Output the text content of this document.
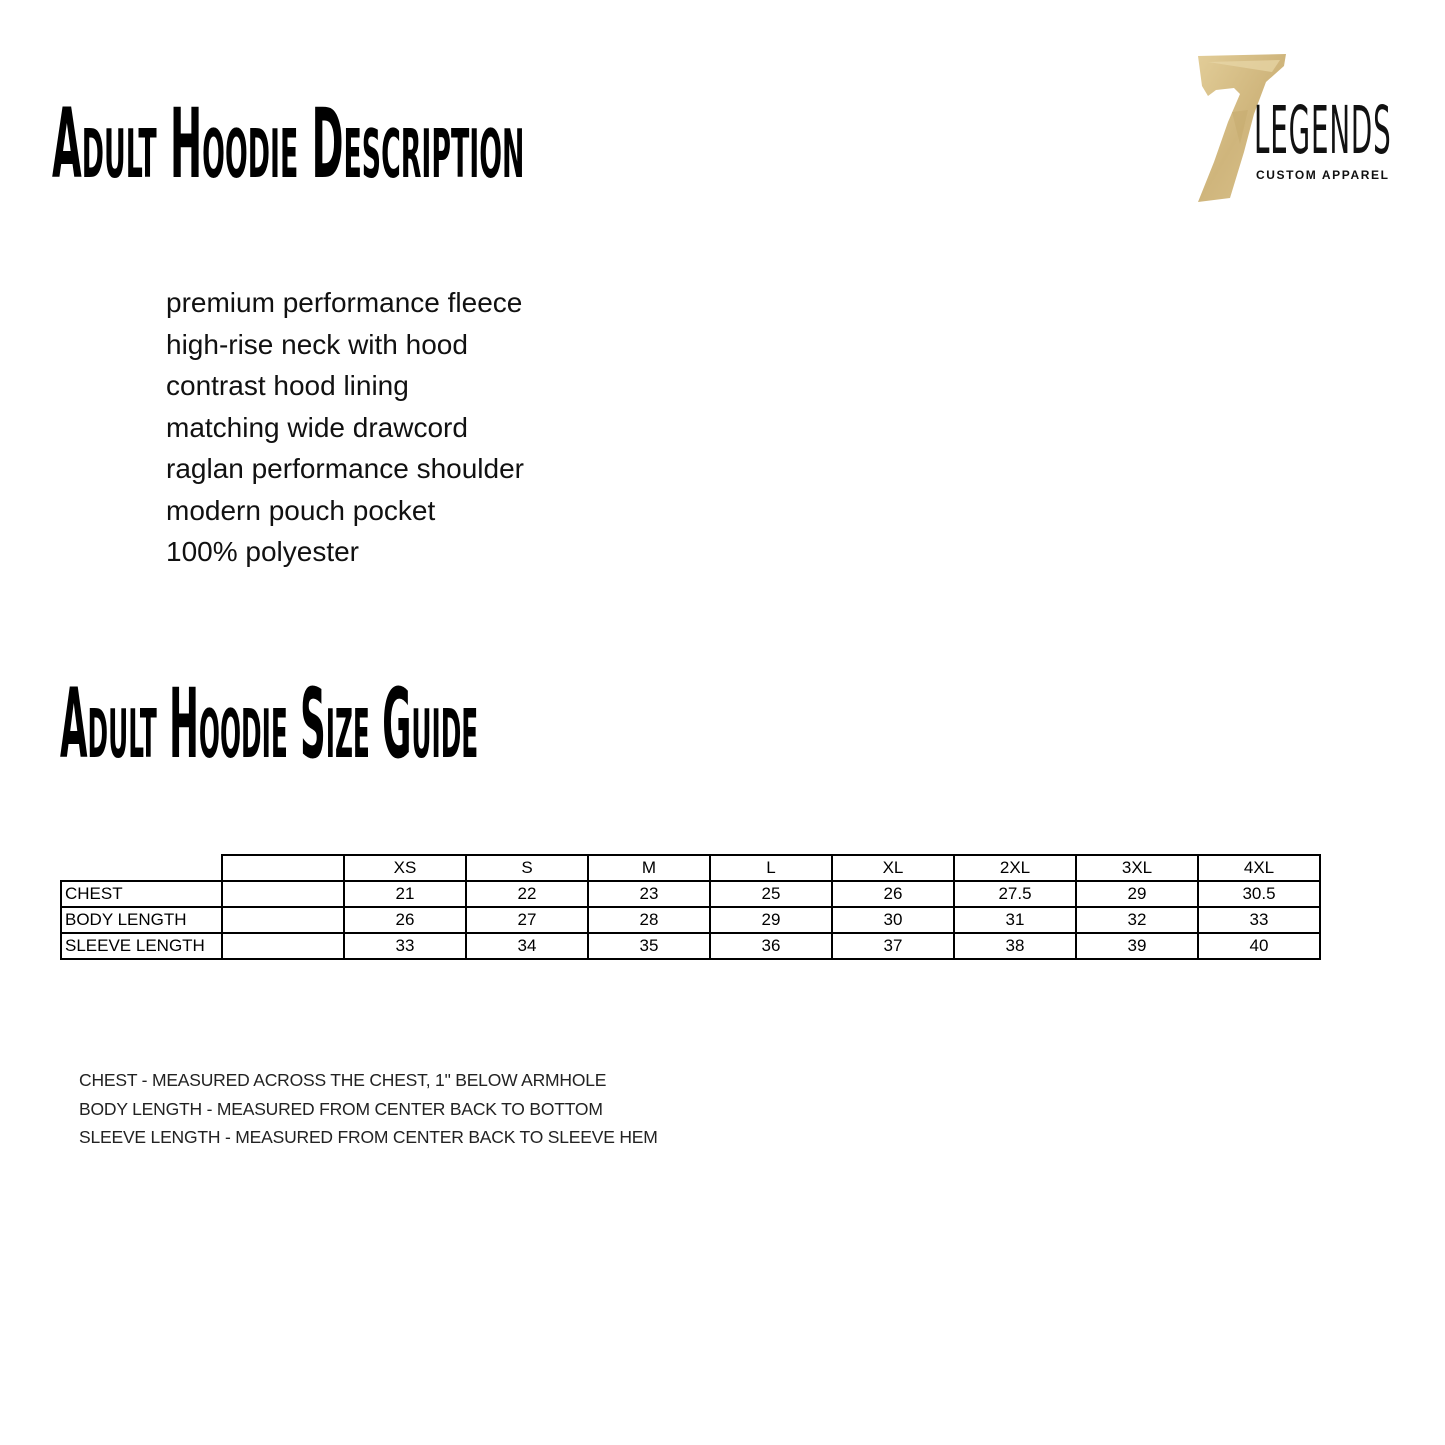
Adult Hoodie Description	LEGENDS
CUSTOM APPAREL
premium performance fleece
high-rise neck with hood
contrast hood lining
matching wide drawcord
raglan performance shoulder
modern pouch pocket
100% polyester
Adult Hoodie Size Guide
		XS	S	M	L	XL	2XL	3XL	4XL
CHEST		21	22	23	25	26	27.5	29	30.5
BODY LENGTH		26	27	28	29	30	31	32	33
SLEEVE LENGTH		33	34	35	36	37	38	39	40
CHEST - MEASURED ACROSS THE CHEST, 1" BELOW ARMHOLE
BODY LENGTH - MEASURED FROM CENTER BACK TO BOTTOM
SLEEVE LENGTH - MEASURED FROM CENTER BACK TO SLEEVE HEM
